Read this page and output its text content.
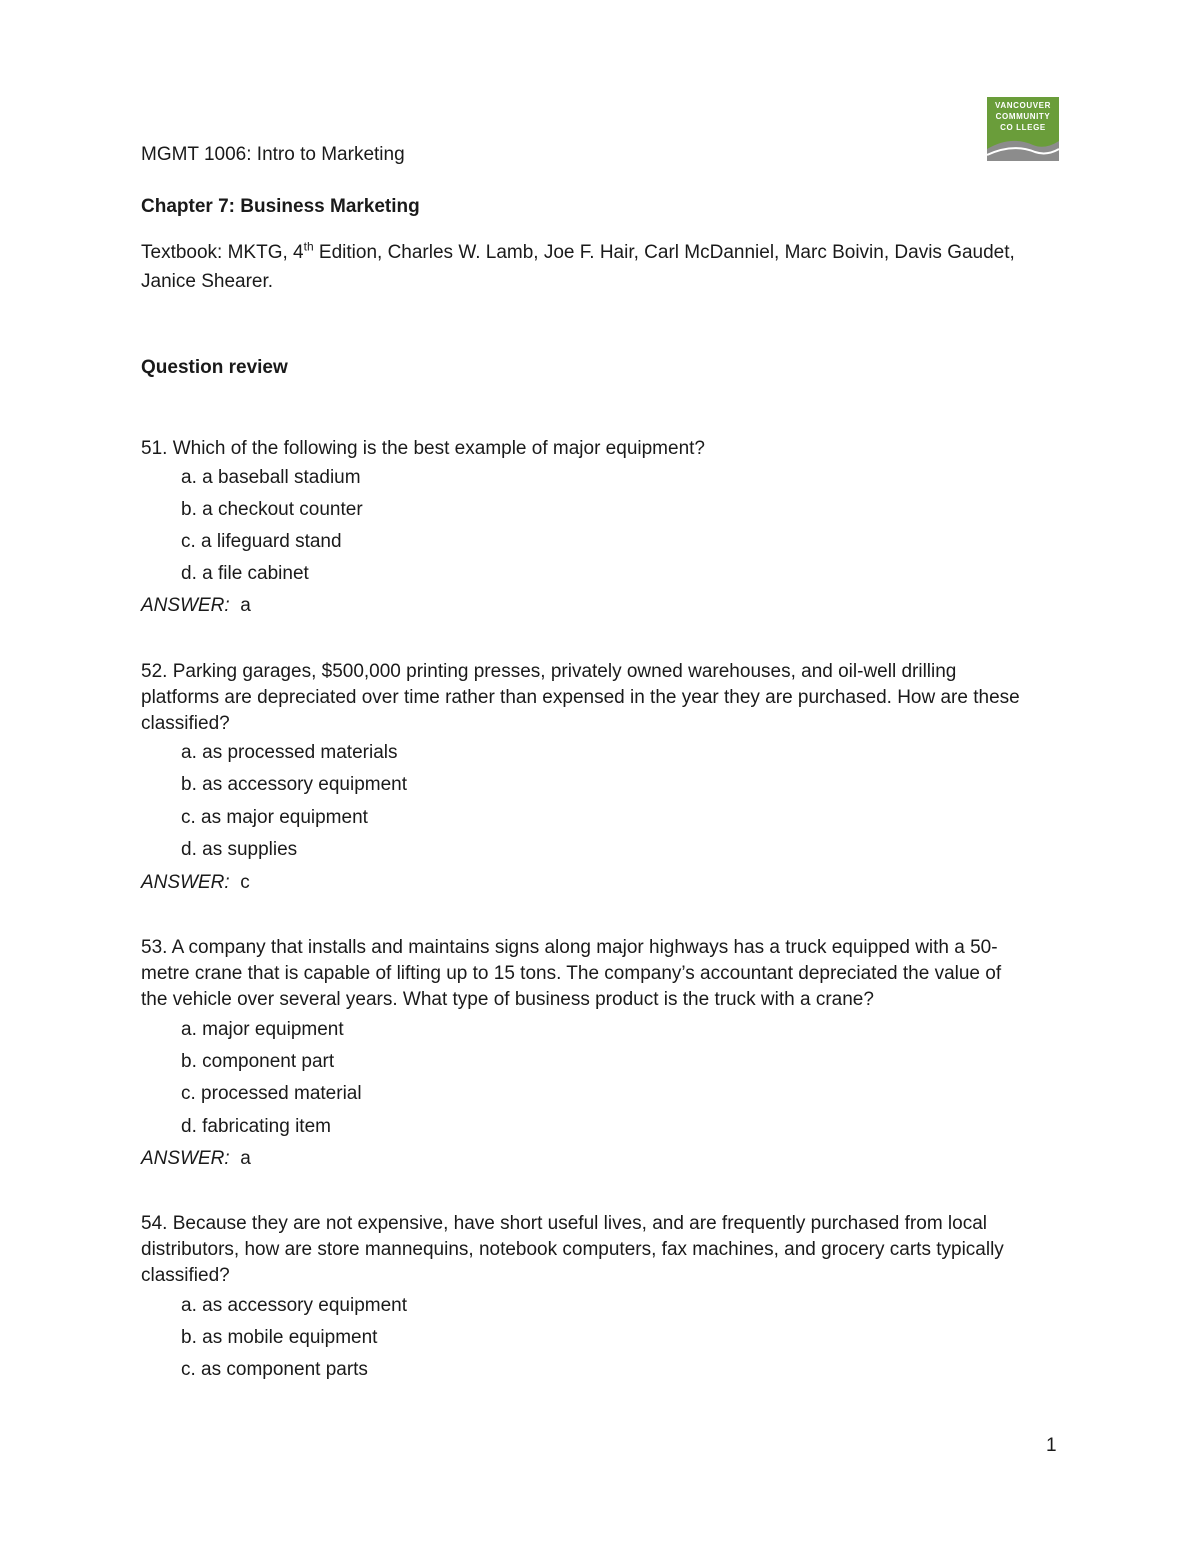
VANCOUVER
COMMUNITY
CO LLEGE
MGMT 1006: Intro to Marketing
Chapter 7: Business Marketing
Textbook: MKTG, 4th Edition, Charles W. Lamb, Joe F. Hair, Carl McDanniel, Marc Boivin, Davis Gaudet,
Janice Shearer.
Question review
51. Which of the following is the best example of major equipment?
a. a baseball stadium
b. a checkout counter
c. a lifeguard stand
d. a file cabinet
ANSWER: a
52. Parking garages, $500,000 printing presses, privately owned warehouses, and oil-well drilling
platforms are depreciated over time rather than expensed in the year they are purchased. How are these
classified?
a. as processed materials
b. as accessory equipment
c. as major equipment
d. as supplies
ANSWER: c
53. A company that installs and maintains signs along major highways has a truck equipped with a 50-
metre crane that is capable of lifting up to 15 tons. The company’s accountant depreciated the value of
the vehicle over several years. What type of business product is the truck with a crane?
a. major equipment
b. component part
c. processed material
d. fabricating item
ANSWER: a
54. Because they are not expensive, have short useful lives, and are frequently purchased from local
distributors, how are store mannequins, notebook computers, fax machines, and grocery carts typically
classified?
a. as accessory equipment
b. as mobile equipment
c. as component parts
1
